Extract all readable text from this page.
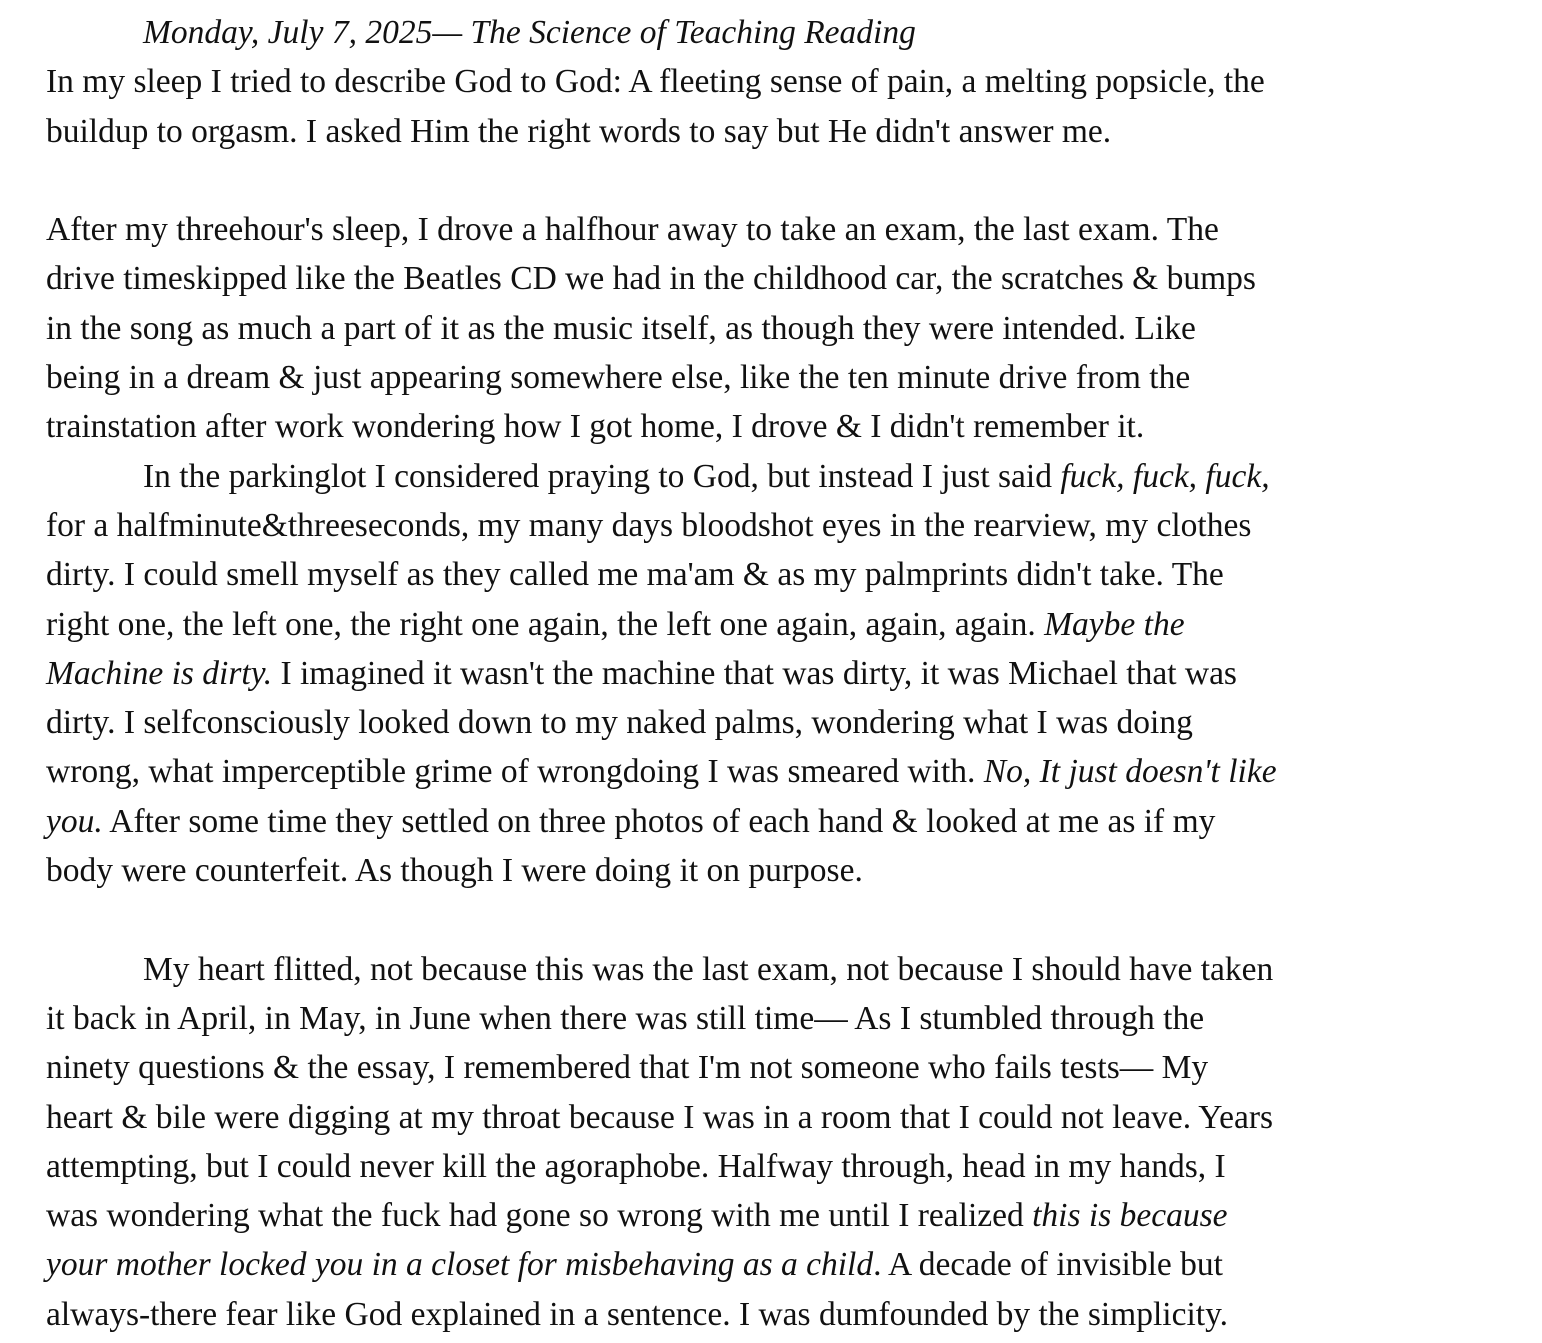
Monday, July 7, 2025— The Science of Teaching Reading
In my sleep I tried to describe God to God: A fleeting sense of pain, a melting popsicle, the
buildup to orgasm. I asked Him the right words to say but He didn't answer me.
After my threehour's sleep, I drove a halfhour away to take an exam, the last exam. The
drive timeskipped like the Beatles CD we had in the childhood car, the scratches & bumps
in the song as much a part of it as the music itself, as though they were intended. Like
being in a dream & just appearing somewhere else, like the ten minute drive from the
trainstation after work wondering how I got home, I drove & I didn't remember it.
In the parkinglot I considered praying to God, but instead I just said fuck, fuck, fuck,
for a halfminute&threeseconds, my many days bloodshot eyes in the rearview, my clothes
dirty. I could smell myself as they called me ma'am & as my palmprints didn't take. The
right one, the left one, the right one again, the left one again, again, again. Maybe the
Machine is dirty. I imagined it wasn't the machine that was dirty, it was Michael that was
dirty. I selfconsciously looked down to my naked palms, wondering what I was doing
wrong, what imperceptible grime of wrongdoing I was smeared with. No, It just doesn't like
you. After some time they settled on three photos of each hand & looked at me as if my
body were counterfeit. As though I were doing it on purpose.
My heart flitted, not because this was the last exam, not because I should have taken
it back in April, in May, in June when there was still time— As I stumbled through the
ninety questions & the essay, I remembered that I'm not someone who fails tests— My
heart & bile were digging at my throat because I was in a room that I could not leave. Years
attempting, but I could never kill the agoraphobe. Halfway through, head in my hands, I
was wondering what the fuck had gone so wrong with me until I realized this is because
your mother locked you in a closet for misbehaving as a child. A decade of invisible but
always-there fear like God explained in a sentence. I was dumfounded by the simplicity.
